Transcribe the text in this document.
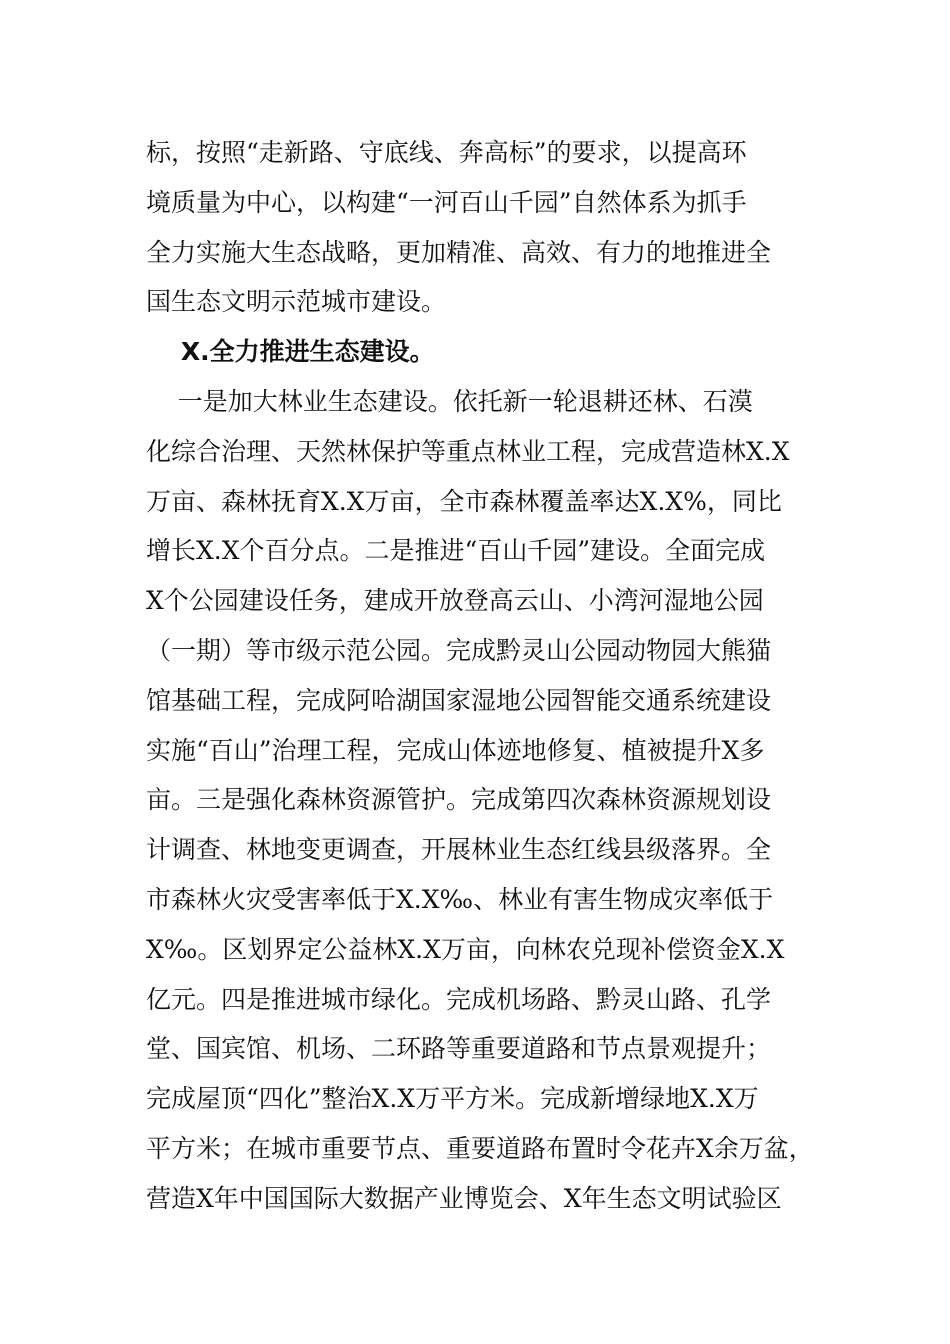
标，按照“走新路、守底线、奔高标”的要求，以提高环
境质量为中心，以构建“一河百山千园”自然体系为抓手
全力实施大生态战略，更加精准、高效、有力的地推进全
国生态文明示范城市建设。
X.全力推进生态建设。
一是加大林业生态建设。依托新一轮退耕还林、石漠
化综合治理、天然林保护等重点林业工程，完成营造林X.X
万亩、森林抚育X.X万亩，全市森林覆盖率达X.X%，同比
增长X.X个百分点。二是推进“百山千园”建设。全面完成
X个公园建设任务，建成开放登高云山、小湾河湿地公园
（一期）等市级示范公园。完成黔灵山公园动物园大熊猫
馆基础工程，完成阿哈湖国家湿地公园智能交通系统建设
实施“百山”治理工程，完成山体迹地修复、植被提升X多
亩。三是强化森林资源管护。完成第四次森林资源规划设
计调查、林地变更调查，开展林业生态红线县级落界。全
市森林火灾受害率低于X.X‰、林业有害生物成灾率低于
X‰。区划界定公益林X.X万亩，向林农兑现补偿资金X.X
亿元。四是推进城市绿化。完成机场路、黔灵山路、孔学
堂、国宾馆、机场、二环路等重要道路和节点景观提升；
完成屋顶“四化”整治X.X万平方米。完成新增绿地X.X万
平方米；在城市重要节点、重要道路布置时令花卉X余万盆，
营造X年中国国际大数据产业博览会、X年生态文明试验区
